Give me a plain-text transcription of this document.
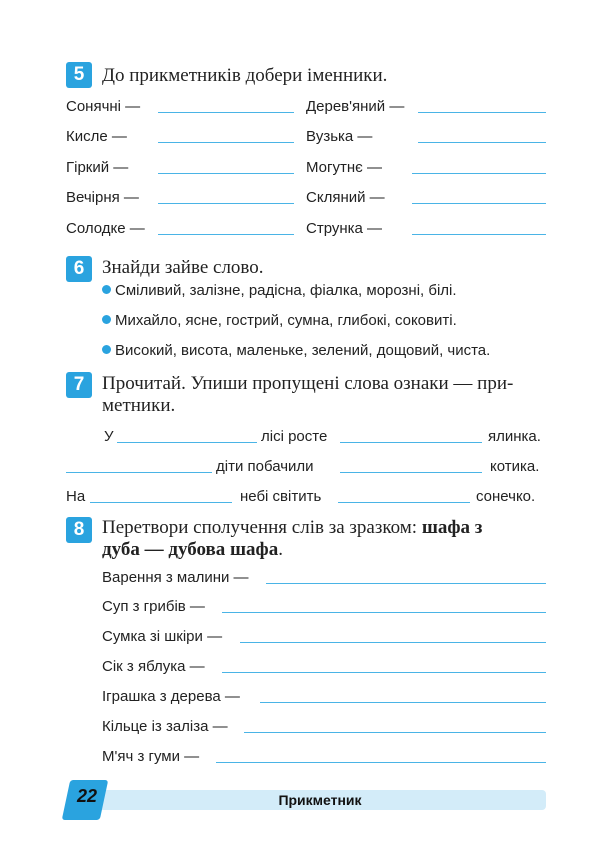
5 До прикметників добери іменники.
Сонячні —	Дерев'яний —
Кисле —	Вузька —
Гіркий —	Могутнє —
Вечірня —	Скляний —
Солодке —	Струнка —
6 Знайди зайве слово.
Сміливий, залізне, радісна, фіалка, морозні, білі.
Михайло, ясне, гострий, сумна, глибокі, соковиті.
Високий, висота, маленьке, зелений, дощовий, чиста.
7 Прочитай. Упиши пропущені слова ознаки — при-
метники.
У	лісі росте	ялинка.
діти побачили	котика.
На	небі світить	сонечко.
8 Перетвори сполучення слів за зразком: шафа з
дуба — дубова шафа.
Варення з малини —
Суп з грибів —
Сумка зі шкіри —
Сік з яблука —
Іграшка з дерева —
Кільце із заліза —
М'яч з гуми —
22	Прикметник
